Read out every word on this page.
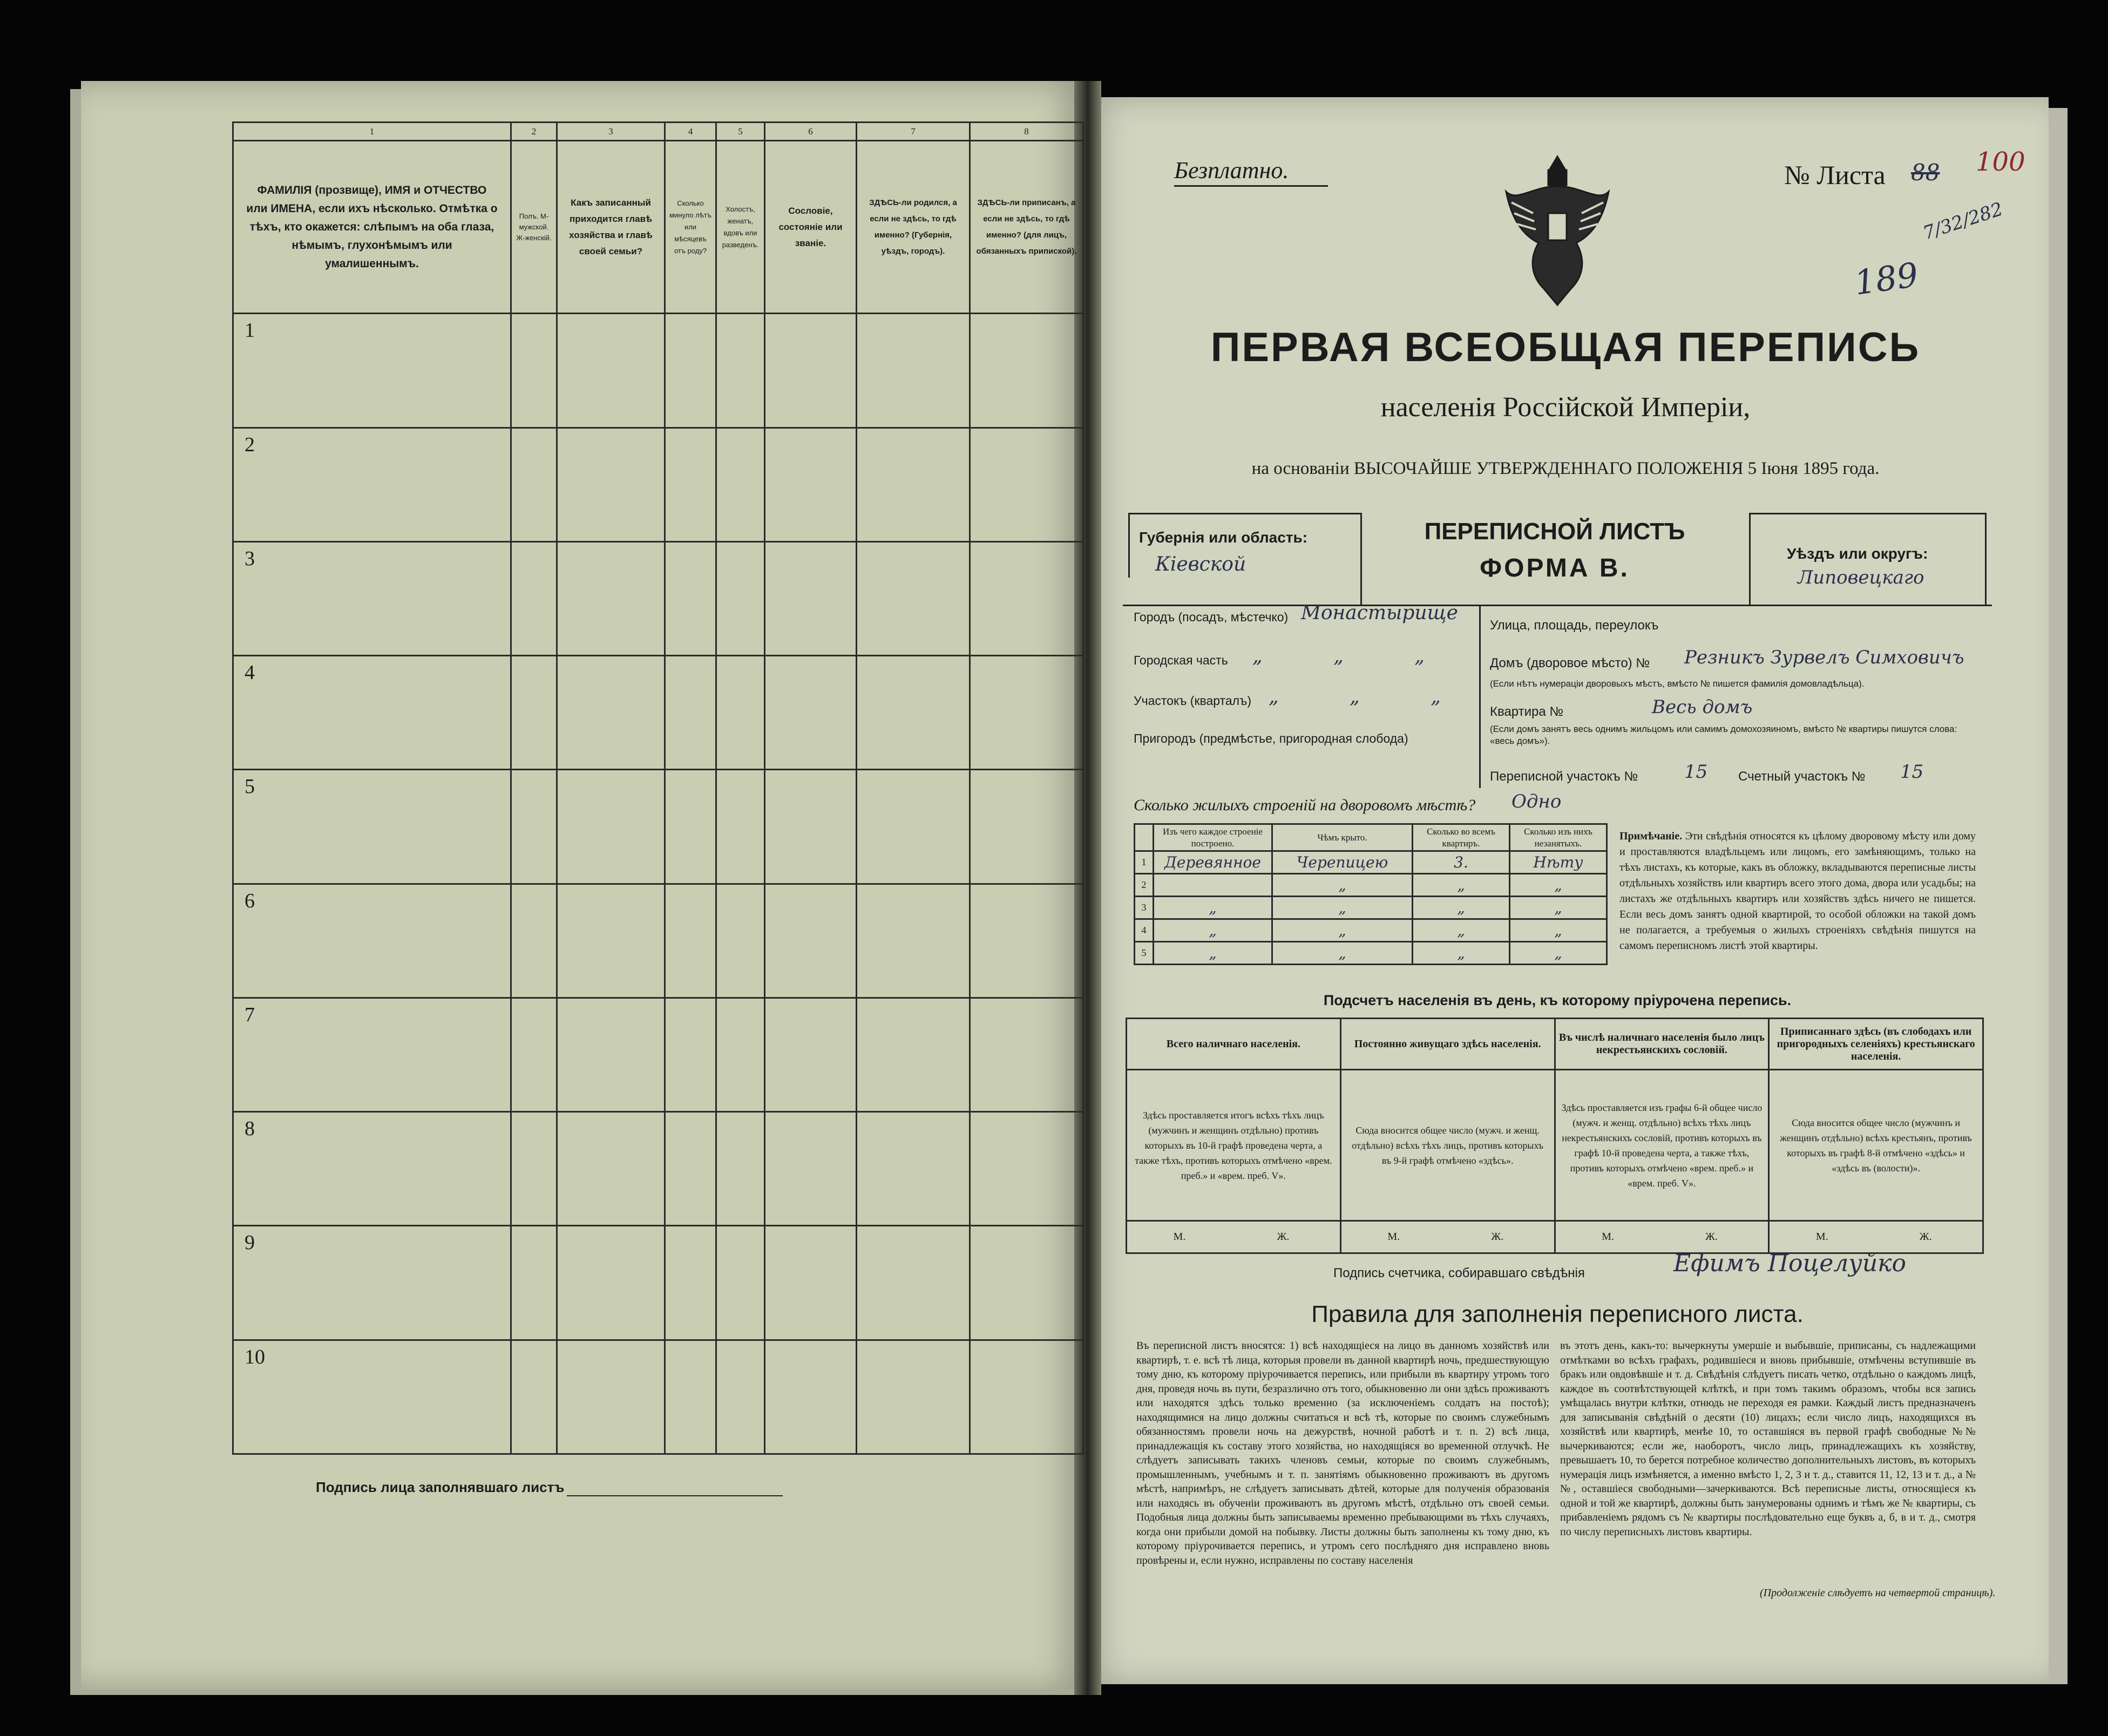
1	2	3	4	5	6	7	8
ФАМИЛІЯ (прозвище), ИМЯ и ОТЧЕСТВО или ИМЕНА, если ихъ нѣсколько. Отмѣтка о тѣхъ, кто окажется: слѣпымъ на оба глаза, нѣмымъ, глухонѣмымъ или умалишеннымъ.	Полъ. М-мужской. Ж-женскій.	Какъ записанный приходится главѣ хозяйства и главѣ своей семьи?	Сколько минуло лѣтъ или мѣсяцевъ отъ роду?	Холостъ, женатъ, вдовъ или разведенъ.	Сословіе, состояніе или званіе.	ЗДѢСЬ-ли родился, а если не здѣсь, то гдѣ именно? (Губернія, уѣздъ, городъ).	ЗДѢСЬ-ли приписанъ, а если не здѣсь, то гдѣ именно? (для лицъ, обязанныхъ припиской).
1							
2							
3							
4							
5							
6							
7							
8							
9							
10							
Подпись лица заполнявшаго листъ
Безплатно.	№ Листа 88 100
7/32/282
189
ПЕРВАЯ ВСЕОБЩАЯ ПЕРЕПИСЬ
населенія Россійской Имперіи,
на основаніи ВЫСОЧАЙШЕ УТВЕРЖДЕННАГО ПОЛОЖЕНІЯ 5 Іюня 1895 года.
Губернія или область:
Кіевской
ПЕРЕПИСНОЙ ЛИСТЪ
ФОРМА В.
Уѣздъ или округъ:
Липовецкаго
Городъ (посадъ, мѣстечко) Монастырище
Городская часть „ „ „
Участокъ (кварталъ) „ „ „
Пригородъ (предмѣстье, пригородная слобода)
Улица, площадь, переулокъ
Домъ (дворовое мѣсто) № Резникъ Зурвелъ Симховичъ
(Если нѣтъ нумераціи дворовыхъ мѣстъ, вмѣсто № пишется фамилія домовладѣльца).
Квартира №	Весь домъ
(Если домъ занятъ весь однимъ жильцомъ или самимъ домохозяиномъ, вмѣсто № квартиры пишутся слова: «весь домъ»).
Переписной участокъ №	15 Счетный участокъ № 15
Сколько жилыхъ строеній на дворовомъ мѣстѣ? Одно
	Изъ чего каждое строеніе построено.	Чѣмъ крыто.	Сколько во всемъ квартиръ.	Сколько изъ нихъ незанятыхъ.
1	Деревянное	Черепицею	3.	Нѣту
2		„	„	„
3	„	„	„	„
4	„	„	„	„
5	„	„	„	„
Примѣчаніе. Эти свѣдѣнія относятся къ цѣлому дворовому мѣсту или дому и проставляются владѣльцемъ или лицомъ, его замѣняющимъ, только на тѣхъ листахъ, къ которые, какъ въ обложку, вкладываются переписные листы отдѣльныхъ хозяйствъ или квартиръ всего этого дома, двора или усадьбы; на листахъ же отдѣльныхъ квартиръ или хозяйствъ здѣсь ничего не пишется. Если весь домъ занятъ одной квартирой, то особой обложки на такой домъ не полагается, а требуемыя о жилыхъ строеніяхъ свѣдѣнія пишутся на самомъ переписномъ листѣ этой квартиры.
Подсчетъ населенія въ день, къ которому пріурочена перепись.
Всего наличнаго населенія.	Постоянно живущаго здѣсь населенія.	Въ числѣ наличнаго населенія было лицъ некрестьянскихъ сословій.	Приписаннаго здѣсь (въ слободахъ или пригородныхъ селеніяхъ) крестьянскаго населенія.
Здѣсь проставляется итогъ всѣхъ тѣхъ лицъ (мужчинъ и женщинъ отдѣльно) противъ которыхъ въ 10-й графѣ проведена черта, а также тѣхъ, противъ которыхъ отмѣчено «врем. преб.» и «врем. преб. V».	Сюда вносится общее число (мужч. и женщ. отдѣльно) всѣхъ тѣхъ лицъ, противъ которыхъ въ 9-й графѣ отмѣчено «здѣсь».	Здѣсь проставляется изъ графы 6-й общее число (мужч. и женщ. отдѣльно) всѣхъ тѣхъ лицъ некрестьянскихъ сословій, противъ которыхъ въ графѣ 10-й проведена черта, а также тѣхъ, противъ которыхъ отмѣчено «врем. преб.» и «врем. преб. V».	Сюда вносится общее число (мужчинъ и женщинъ отдѣльно) всѣхъ крестьянъ, противъ которыхъ въ графѣ 8-й отмѣчено «здѣсь» и «здѣсь въ (волости)».
М. Ж.	М. Ж.	М. Ж.	М. Ж.
Подпись счетчика, собиравшаго свѣдѣнія	Ефимъ Поцелуйко
Правила для заполненія переписного листа.
Въ переписной листъ вносятся: 1) всѣ находящіеся на лицо въ данномъ хозяйствѣ или квартирѣ, т. е. всѣ тѣ лица, которыя провели въ данной квартирѣ ночь, предшествующую тому дню, къ которому пріурочивается перепись, или прибыли въ квартиру утромъ того дня, проведя ночь въ пути, безразлично отъ того, обыкновенно ли они здѣсь проживаютъ или находятся здѣсь только временно (за исключеніемъ солдатъ на постоѣ); находящимися на лицо должны считаться и всѣ тѣ, которые по своимъ служебнымъ обязанностямъ провели ночь на дежурствѣ, ночной работѣ и т. п. 2) всѣ лица, принадлежащія къ составу этого хозяйства, но находящіяся во временной отлучкѣ. Не слѣдуетъ записывать такихъ членовъ семьи, которые по своимъ служебнымъ, промышленнымъ, учебнымъ и т. п. занятіямъ обыкновенно проживаютъ въ другомъ мѣстѣ, напримѣръ, не слѣдуетъ записывать дѣтей, которые для полученія образованія или находясь въ обученіи проживаютъ въ другомъ мѣстѣ, отдѣльно отъ своей семьи. Подобныя лица должны быть записываемы временно пребывающими въ тѣхъ случаяхъ, когда они прибыли домой на побывку. Листы должны быть заполнены къ тому дню, къ которому пріурочивается перепись, и утромъ сего послѣдняго дня исправлено вновь провѣрены и, если нужно, исправлены по составу населенія
въ этотъ день, какъ-то: вычеркнуты умершіе и выбывшіе, приписаны, съ надлежащими отмѣтками во всѣхъ графахъ, родившіеся и вновь прибывшіе, отмѣчены вступившіе въ бракъ или овдовѣвшіе и т. д. Свѣдѣнія слѣдуетъ писать четко, отдѣльно о каждомъ лицѣ, каждое въ соотвѣтствующей клѣткѣ, и при томъ такимъ образомъ, чтобы вся запись умѣщалась внутри клѣтки, отнюдь не переходя ея рамки. Каждый листъ предназначенъ для записыванія свѣдѣній о десяти (10) лицахъ; если число лицъ, находящихся въ хозяйствѣ или квартирѣ, менѣе 10, то оставшіяся въ первой графѣ свободные №№ вычеркиваются; если же, наоборотъ, число лицъ, принадлежащихъ къ хозяйству, превышаетъ 10, то берется потребное количество дополнительныхъ листовъ, въ которыхъ нумерація лицъ измѣняется, а именно вмѣсто 1, 2, 3 и т. д., ставится 11, 12, 13 и т. д., а №№, оставшіеся свободными—зачеркиваются. Всѣ переписные листы, относящіеся къ одной и той же квартирѣ, должны быть занумерованы однимъ и тѣмъ же № квартиры, съ прибавленіемъ рядомъ съ № квартиры послѣдовательно еще буквъ а, б, в и т. д., смотря по числу переписныхъ листовъ квартиры.
(Продолженіе слѣдуетъ на четвертой страницѣ).
